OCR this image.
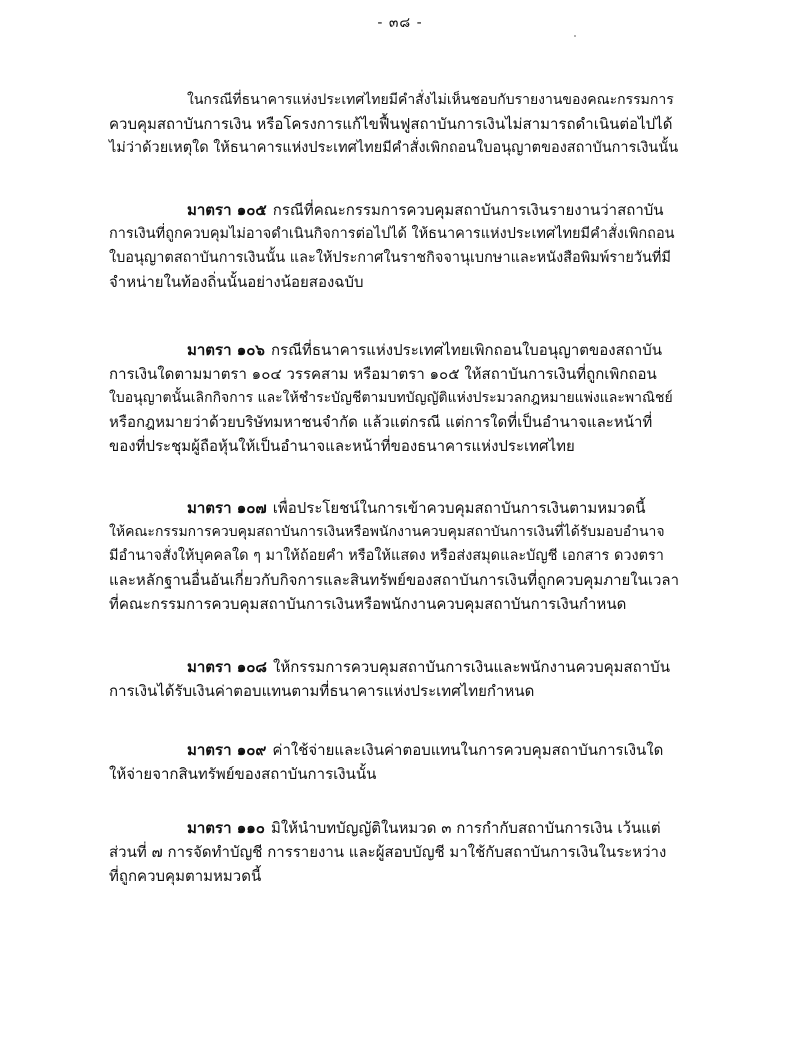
- ๓๘ -

ในกรณีที่ธนาคารแห่งประเทศไทยมีคำสั่งไม่เห็นชอบกับรายงานของคณะกรรมการ
ควบคุมสถาบันการเงิน หรือโครงการแก้ไขฟื้นฟูสถาบันการเงินไม่สามารถดำเนินต่อไปได้
ไม่ว่าด้วยเหตุใด ให้ธนาคารแห่งประเทศไทยมีคำสั่งเพิกถอนใบอนุญาตของสถาบันการเงินนั้น

มาตรา ๑๐๕ กรณีที่คณะกรรมการควบคุมสถาบันการเงินรายงานว่าสถาบัน
การเงินที่ถูกควบคุมไม่อาจดำเนินกิจการต่อไปได้ ให้ธนาคารแห่งประเทศไทยมีคำสั่งเพิกถอน
ใบอนุญาตสถาบันการเงินนั้น และให้ประกาศในราชกิจจานุเบกษาและหนังสือพิมพ์รายวันที่มี
จำหน่ายในท้องถิ่นนั้นอย่างน้อยสองฉบับ

มาตรา ๑๐๖ กรณีที่ธนาคารแห่งประเทศไทยเพิกถอนใบอนุญาตของสถาบัน
การเงินใดตามมาตรา ๑๐๔ วรรคสาม หรือมาตรา ๑๐๕ ให้สถาบันการเงินที่ถูกเพิกถอน
ใบอนุญาตนั้นเลิกกิจการ และให้ชำระบัญชีตามบทบัญญัติแห่งประมวลกฎหมายแพ่งและพาณิชย์
หรือกฎหมายว่าด้วยบริษัทมหาชนจำกัด แล้วแต่กรณี แต่การใดที่เป็นอำนาจและหน้าที่
ของที่ประชุมผู้ถือหุ้นให้เป็นอำนาจและหน้าที่ของธนาคารแห่งประเทศไทย

มาตรา ๑๐๗ เพื่อประโยชน์ในการเข้าควบคุมสถาบันการเงินตามหมวดนี้
ให้คณะกรรมการควบคุมสถาบันการเงินหรือพนักงานควบคุมสถาบันการเงินที่ได้รับมอบอำนาจ
มีอำนาจสั่งให้บุคคลใด ๆ มาให้ถ้อยคำ หรือให้แสดง หรือส่งสมุดและบัญชี เอกสาร ดวงตรา
และหลักฐานอื่นอันเกี่ยวกับกิจการและสินทรัพย์ของสถาบันการเงินที่ถูกควบคุมภายในเวลา
ที่คณะกรรมการควบคุมสถาบันการเงินหรือพนักงานควบคุมสถาบันการเงินกำหนด

มาตรา ๑๐๘ ให้กรรมการควบคุมสถาบันการเงินและพนักงานควบคุมสถาบัน
การเงินได้รับเงินค่าตอบแทนตามที่ธนาคารแห่งประเทศไทยกำหนด

มาตรา ๑๐๙ ค่าใช้จ่ายและเงินค่าตอบแทนในการควบคุมสถาบันการเงินใด
ให้จ่ายจากสินทรัพย์ของสถาบันการเงินนั้น

มาตรา ๑๑๐ มิให้นำบทบัญญัติในหมวด ๓ การกำกับสถาบันการเงิน เว้นแต่
ส่วนที่ ๗ การจัดทำบัญชี การรายงาน และผู้สอบบัญชี มาใช้กับสถาบันการเงินในระหว่าง
ที่ถูกควบคุมตามหมวดนี้
